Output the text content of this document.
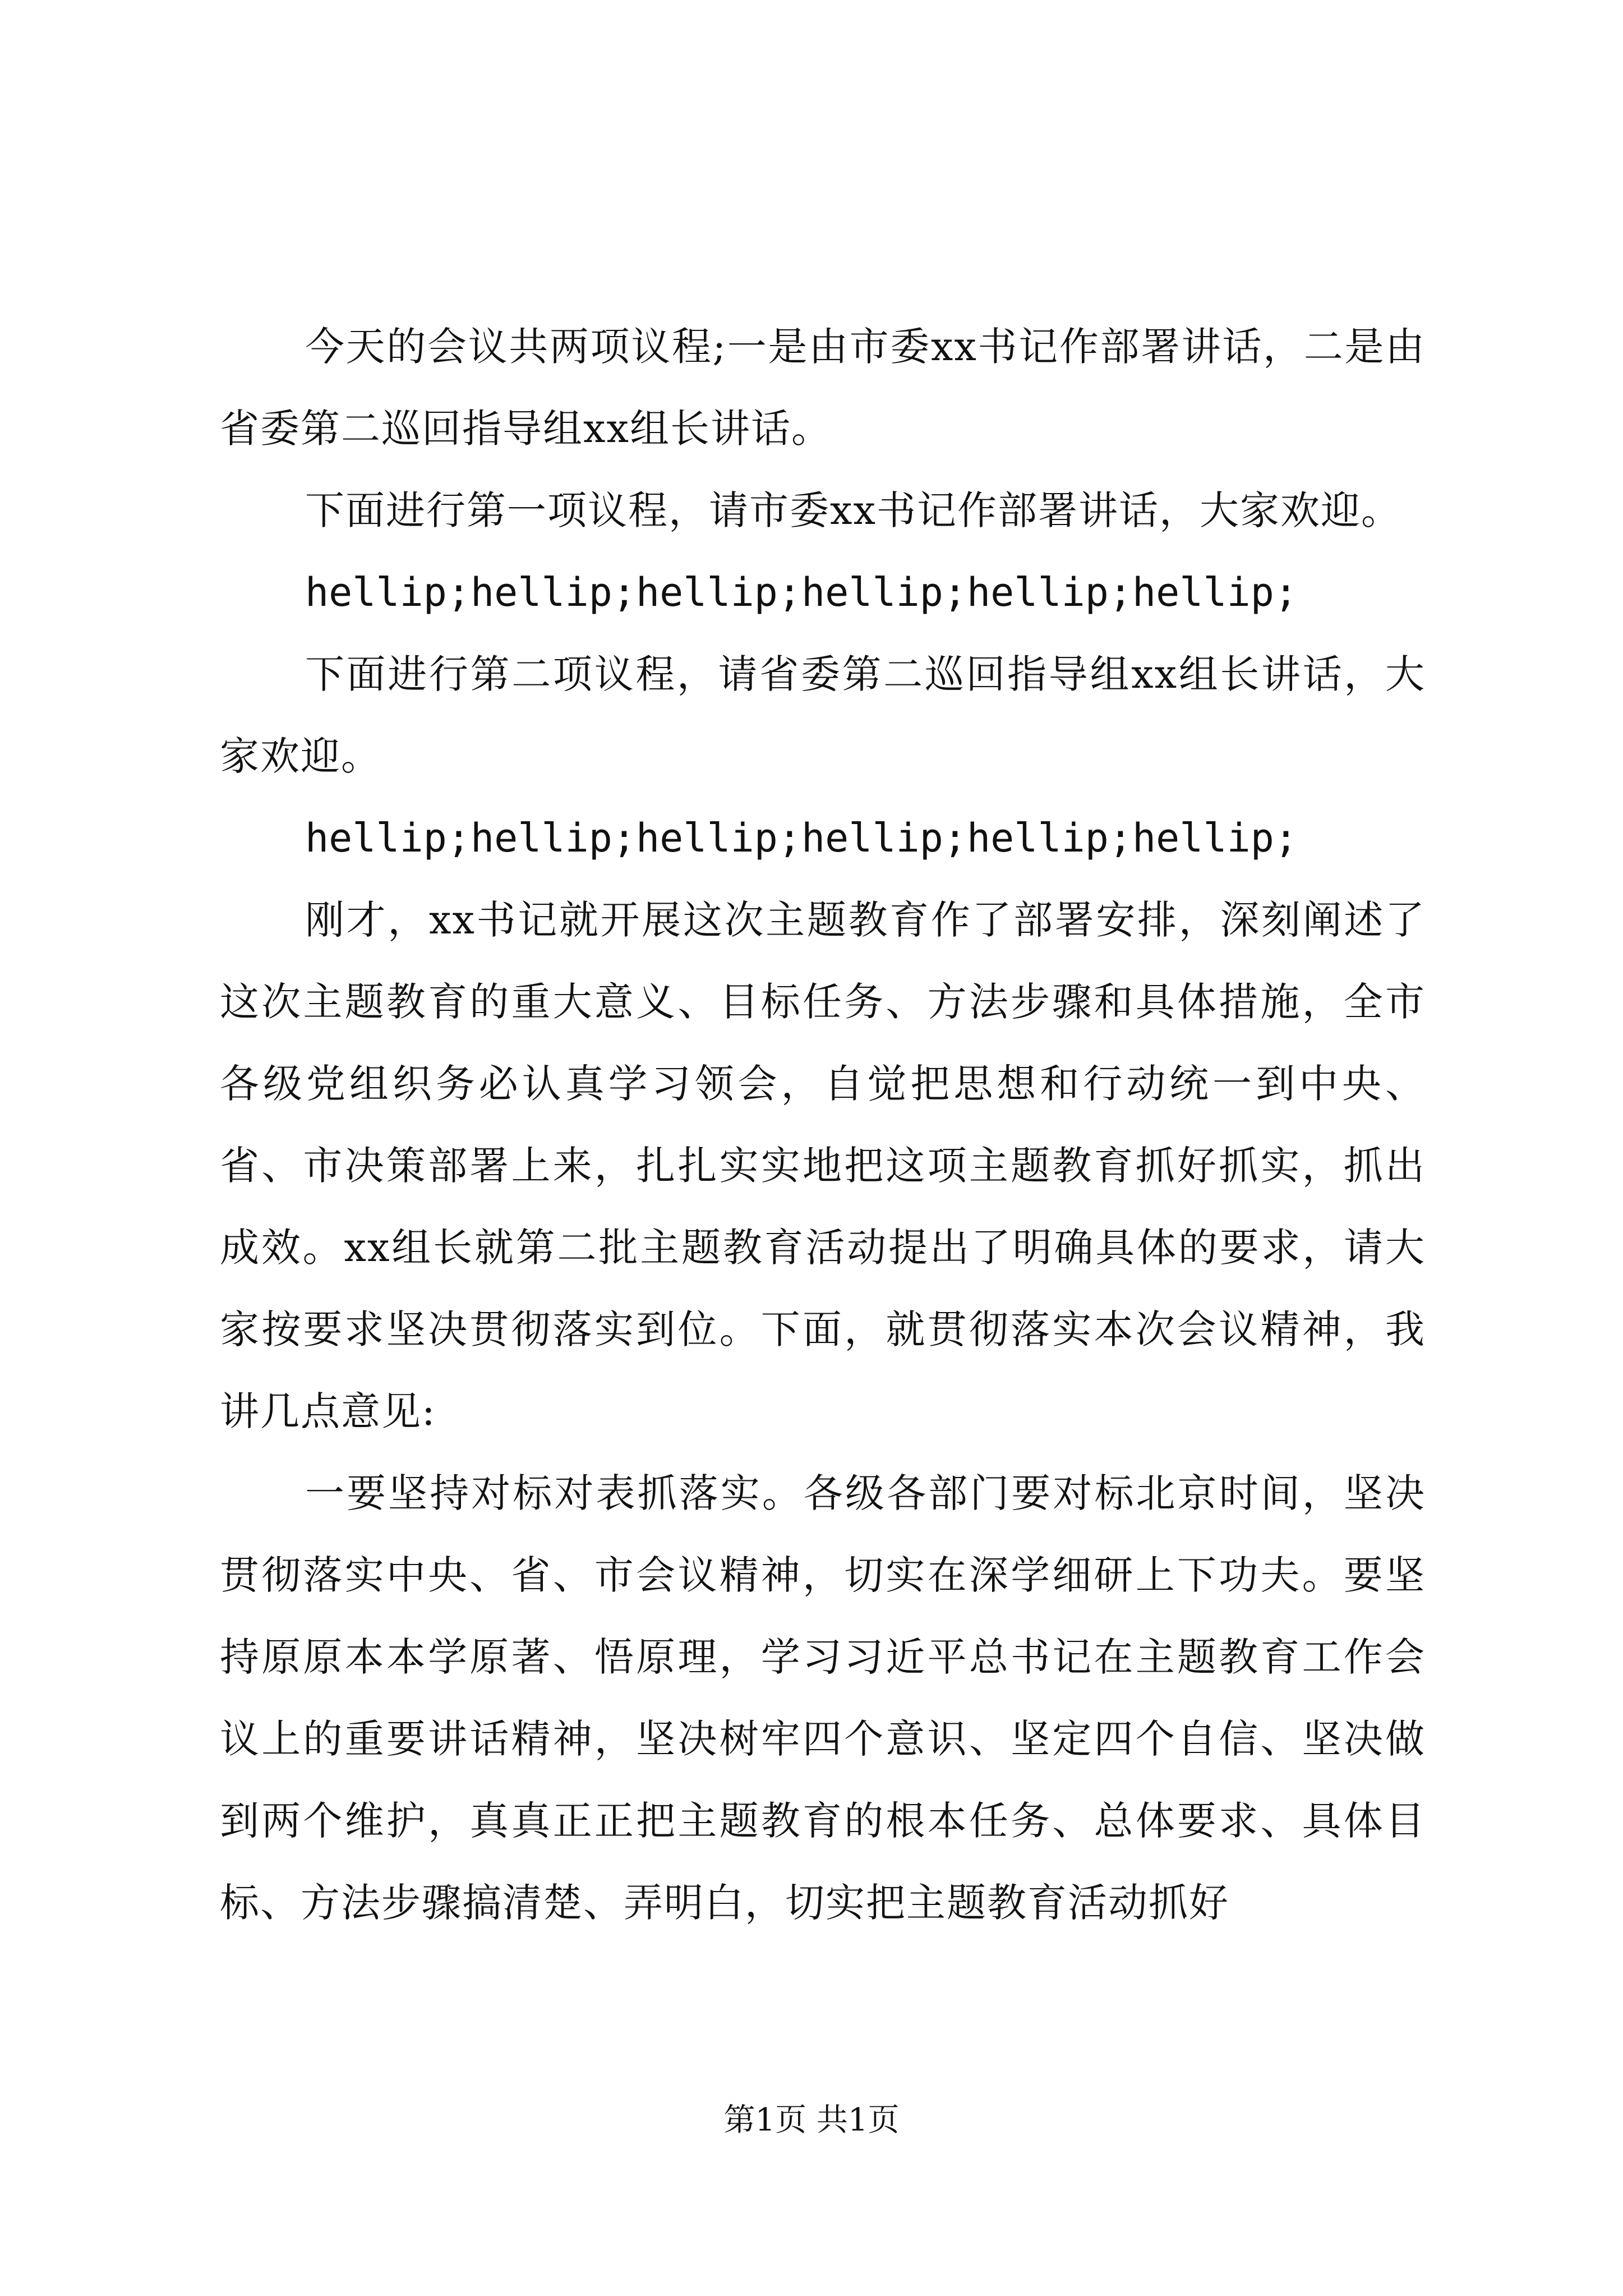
今天的会议共两项议程;一是由市委xx书记作部署讲话，二是由省委第二巡回指导组xx组长讲话。

下面进行第一项议程，请市委xx书记作部署讲话，大家欢迎。

hellip;hellip;hellip;hellip;hellip;hellip;

下面进行第二项议程，请省委第二巡回指导组xx组长讲话，大家欢迎。

hellip;hellip;hellip;hellip;hellip;hellip;

刚才，xx书记就开展这次主题教育作了部署安排，深刻阐述了这次主题教育的重大意义、目标任务、方法步骤和具体措施，全市各级党组织务必认真学习领会，自觉把思想和行动统一到中央、省、市决策部署上来，扎扎实实地把这项主题教育抓好抓实，抓出成效。xx组长就第二批主题教育活动提出了明确具体的要求，请大家按要求坚决贯彻落实到位。下面，就贯彻落实本次会议精神，我讲几点意见:

一要坚持对标对表抓落实。各级各部门要对标北京时间，坚决贯彻落实中央、省、市会议精神，切实在深学细研上下功夫。要坚持原原本本学原著、悟原理，学习习近平总书记在主题教育工作会议上的重要讲话精神，坚决树牢四个意识、坚定四个自信、坚决做到两个维护，真真正正把主题教育的根本任务、总体要求、具体目标、方法步骤搞清楚、弄明白，切实把主题教育活动抓好

第1页 共1页
